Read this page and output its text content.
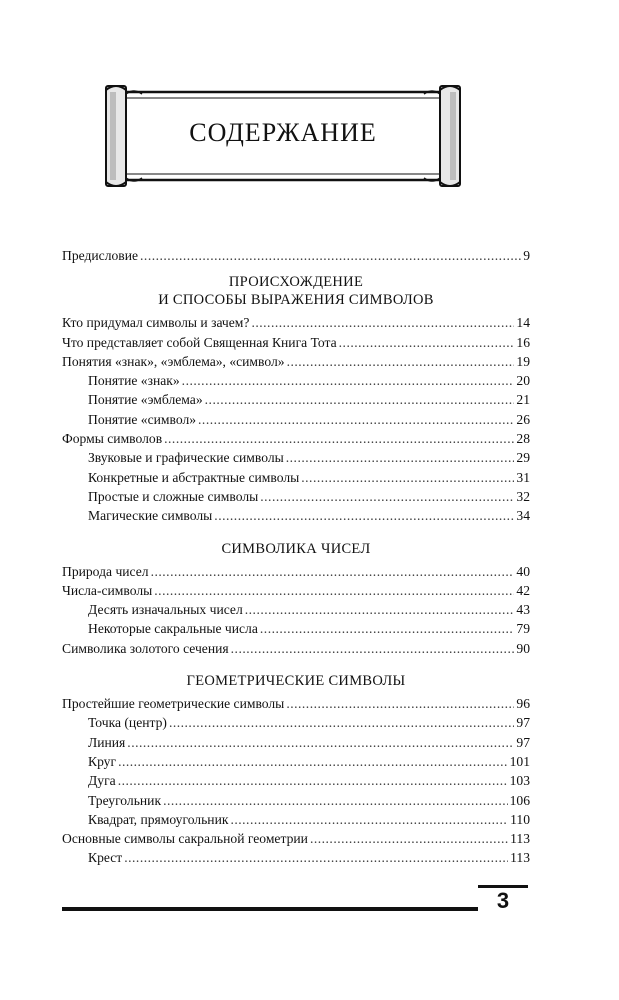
СОДЕРЖАНИЕ
Предисловие .....	9
ПРОИСХОЖДЕНИЕ
И СПОСОБЫ ВЫРАЖЕНИЯ СИМВОЛОВ
Кто придумал символы и зачем? .....	14
Что представляет собой Священная Книга Тота .....	16
Понятия «знак», «эмблема», «символ» .....	19
Понятие «знак» .....	20
Понятие «эмблема» .....	21
Понятие «символ» .....	26
Формы символов .....	28
Звуковые и графические символы .....	29
Конкретные и абстрактные символы .....	31
Простые и сложные символы .....	32
Магические символы .....	34
СИМВОЛИКА ЧИСЕЛ
Природа чисел .....	40
Числа-символы .....	42
Десять изначальных чисел .....	43
Некоторые сакральные числа .....	79
Символика золотого сечения .....	90
ГЕОМЕТРИЧЕСКИЕ СИМВОЛЫ
Простейшие геометрические символы .....	96
Точка (центр) .....	97
Линия .....	97
Круг .....	101
Дуга .....	103
Треугольник .....	106
Квадрат, прямоугольник .....	110
Основные символы сакральной геометрии .....	113
Крест .....	113
3
